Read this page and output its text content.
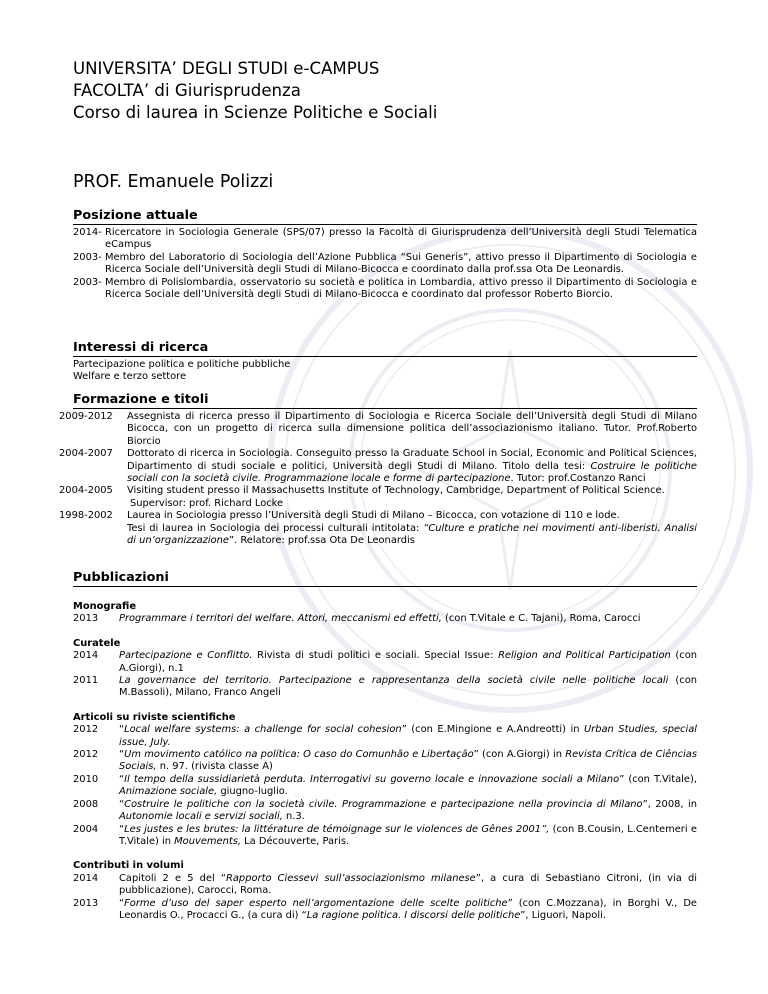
UNIVERSITA’ DEGLI STUDI e-CAMPUS
FACOLTA’ di Giurisprudenza
Corso di laurea in Scienze Politiche e Sociali
PROF. Emanuele Polizzi
Posizione attuale
2014- Ricercatore in Sociologia Generale (SPS/07) presso la Facoltà di Giurisprudenza dell’Università degli Studi Telematica eCampus
2003- Membro del Laboratorio di Sociologia dell’Azione Pubblica “Sui Generis”, attivo presso il Dipartimento di Sociologia e Ricerca Sociale dell’Università degli Studi di Milano-Bicocca e coordinato dalla prof.ssa Ota De Leonardis.
2003- Membro di Polislombardia, osservatorio su società e politica in Lombardia, attivo presso il Dipartimento di Sociologia e Ricerca Sociale dell’Università degli Studi di Milano-Bicocca e coordinato dal professor Roberto Biorcio.
Interessi di ricerca
Partecipazione politica e politiche pubbliche
Welfare e terzo settore
Formazione e titoli
2009-2012	Assegnista di ricerca presso il Dipartimento di Sociologia e Ricerca Sociale dell’Università degli Studi di Milano Bicocca, con un progetto di ricerca sulla dimensione politica dell’associazionismo italiano. Tutor. Prof.Roberto Biorcio
2004-2007	Dottorato di ricerca in Sociologia. Conseguito presso la Graduate School in Social, Economic and Political Sciences, Dipartimento di studi sociale e politici, Università degli Studi di Milano. Titolo della tesi: Costruire le politiche sociali con la società civile. Programmazione locale e forme di partecipazione. Tutor: prof.Costanzo Ranci
2004-2005	Visiting student presso il Massachusetts Institute of Technology, Cambridge, Department of Political Science.
Supervisor: prof. Richard Locke
1998-2002	Laurea in Sociologia presso l’Università degli Studi di Milano – Bicocca, con votazione di 110 e lode.
Tesi di laurea in Sociologia dei processi culturali intitolata: “Culture e pratiche nei movimenti anti-liberisti. Analisi di un’organizzazione”. Relatore: prof.ssa Ota De Leonardis
Pubblicazioni
Monografie
2013	Programmare i territori del welfare. Attori, meccanismi ed effetti, (con T.Vitale e C. Tajani), Roma, Carocci
Curatele
2014	Partecipazione e Conflitto. Rivista di studi politici e sociali. Special Issue: Religion and Political Participation (con A.Giorgi), n.1
2011	La governance del territorio. Partecipazione e rappresentanza della società civile nelle politiche locali (con M.Bassoli), Milano, Franco Angeli
Articoli su riviste scientifiche
2012	“Local welfare systems: a challenge for social cohesion” (con E.Mingione e A.Andreotti) in Urban Studies, special issue, July.
2012	“Um movimento católico na política: O caso do Comunhão e Libertação” (con A.Giorgi) in Revista Crítica de Ciências Sociais, n. 97. (rivista classe A)
2010	“Il tempo della sussidiarietà perduta. Interrogativi su governo locale e innovazione sociali a Milano” (con T.Vitale), Animazione sociale, giugno-luglio.
2008	“Costruire le politiche con la società civile. Programmazione e partecipazione nella provincia di Milano”, 2008, in Autonomie locali e servizi sociali, n.3.
2004	“Les justes e les brutes: la littérature de témoignage sur le violences de Gênes 2001”, (con B.Cousin, L.Centemeri e T.Vitale) in Mouvements, La Découverte, Paris.
Contributi in volumi
2014	Capitoli 2 e 5 del “Rapporto Ciessevi sull’associazionismo milanese”, a cura di Sebastiano Citroni, (in via di pubblicazione), Carocci, Roma.
2013	“Forme d’uso del saper esperto nell’argomentazione delle scelte politiche” (con C.Mozzana), in Borghi V., De Leonardis O., Procacci G., (a cura di) “La ragione politica. I discorsi delle politiche”, Liguori, Napoli.
